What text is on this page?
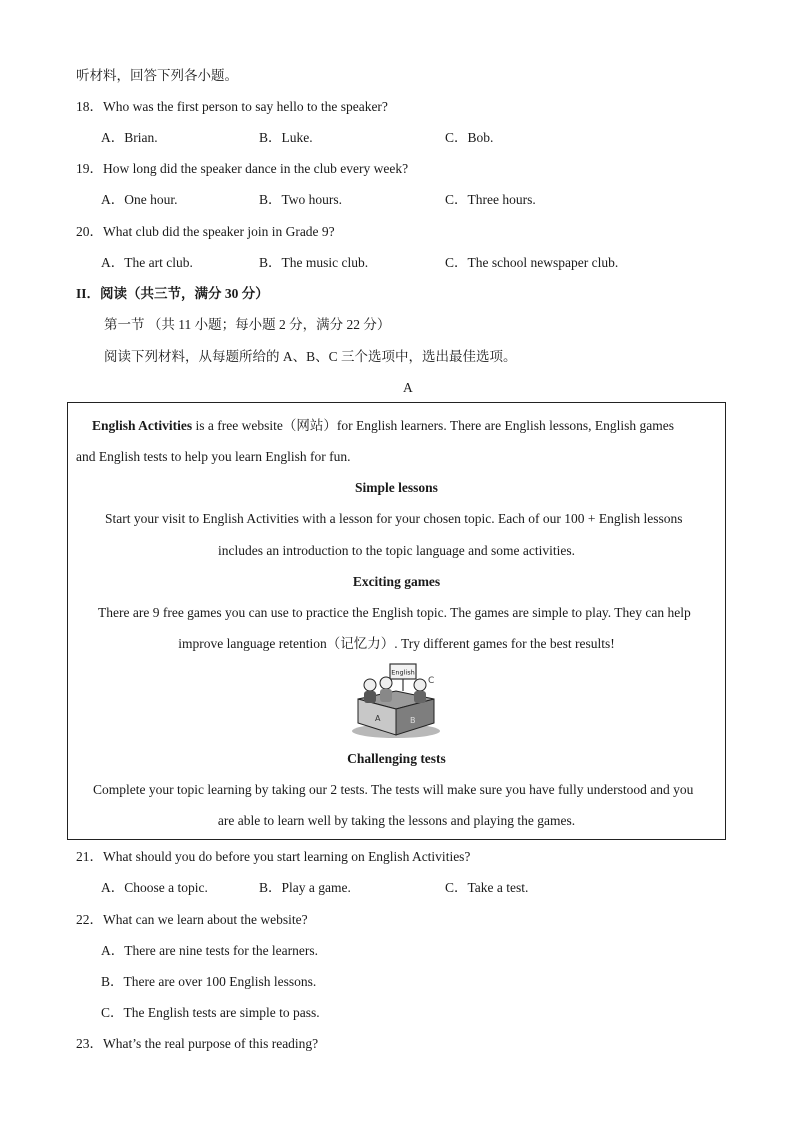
听材料，回答下列各小题。
18．Who was the first person to say hello to the speaker?
A．Brian.	B．Luke.	C．Bob.
19．How long did the speaker dance in the club every week?
A．One hour.	B．Two hours.	C．Three hours.
20．What club did the speaker join in Grade 9?
A．The art club.	B．The music club.	C．The school newspaper club.
II．阅读（共三节，满分 30 分）
第一节 （共 11 小题；每小题 2 分，满分 22 分）
阅读下列材料，从每题所给的 A、B、C 三个选项中，选出最佳选项。
A
English Activities is a free website（网站）for English learners. There are English lessons, English games
and English tests to help you learn English for fun.
Simple lessons
Start your visit to English Activities with a lesson for your chosen topic. Each of our 100 + English lessons
includes an introduction to the topic language and some activities.
Exciting games
There are 9 free games you can use to practice the English topic. The games are simple to play. They can help
improve language retention（记忆力）. Try different games for the best results!
Challenging tests
Complete your topic learning by taking our 2 tests. The tests will make sure you have fully understood and you
are able to learn well by taking the lessons and playing the games.
English
C
A	B
21．What should you do before you start learning on English Activities?
A．Choose a topic.	B．Play a game.	C．Take a test.
22．What can we learn about the website?
A．There are nine tests for the learners.
B．There are over 100 English lessons.
C．The English tests are simple to pass.
23．What’s the real purpose of this reading?
